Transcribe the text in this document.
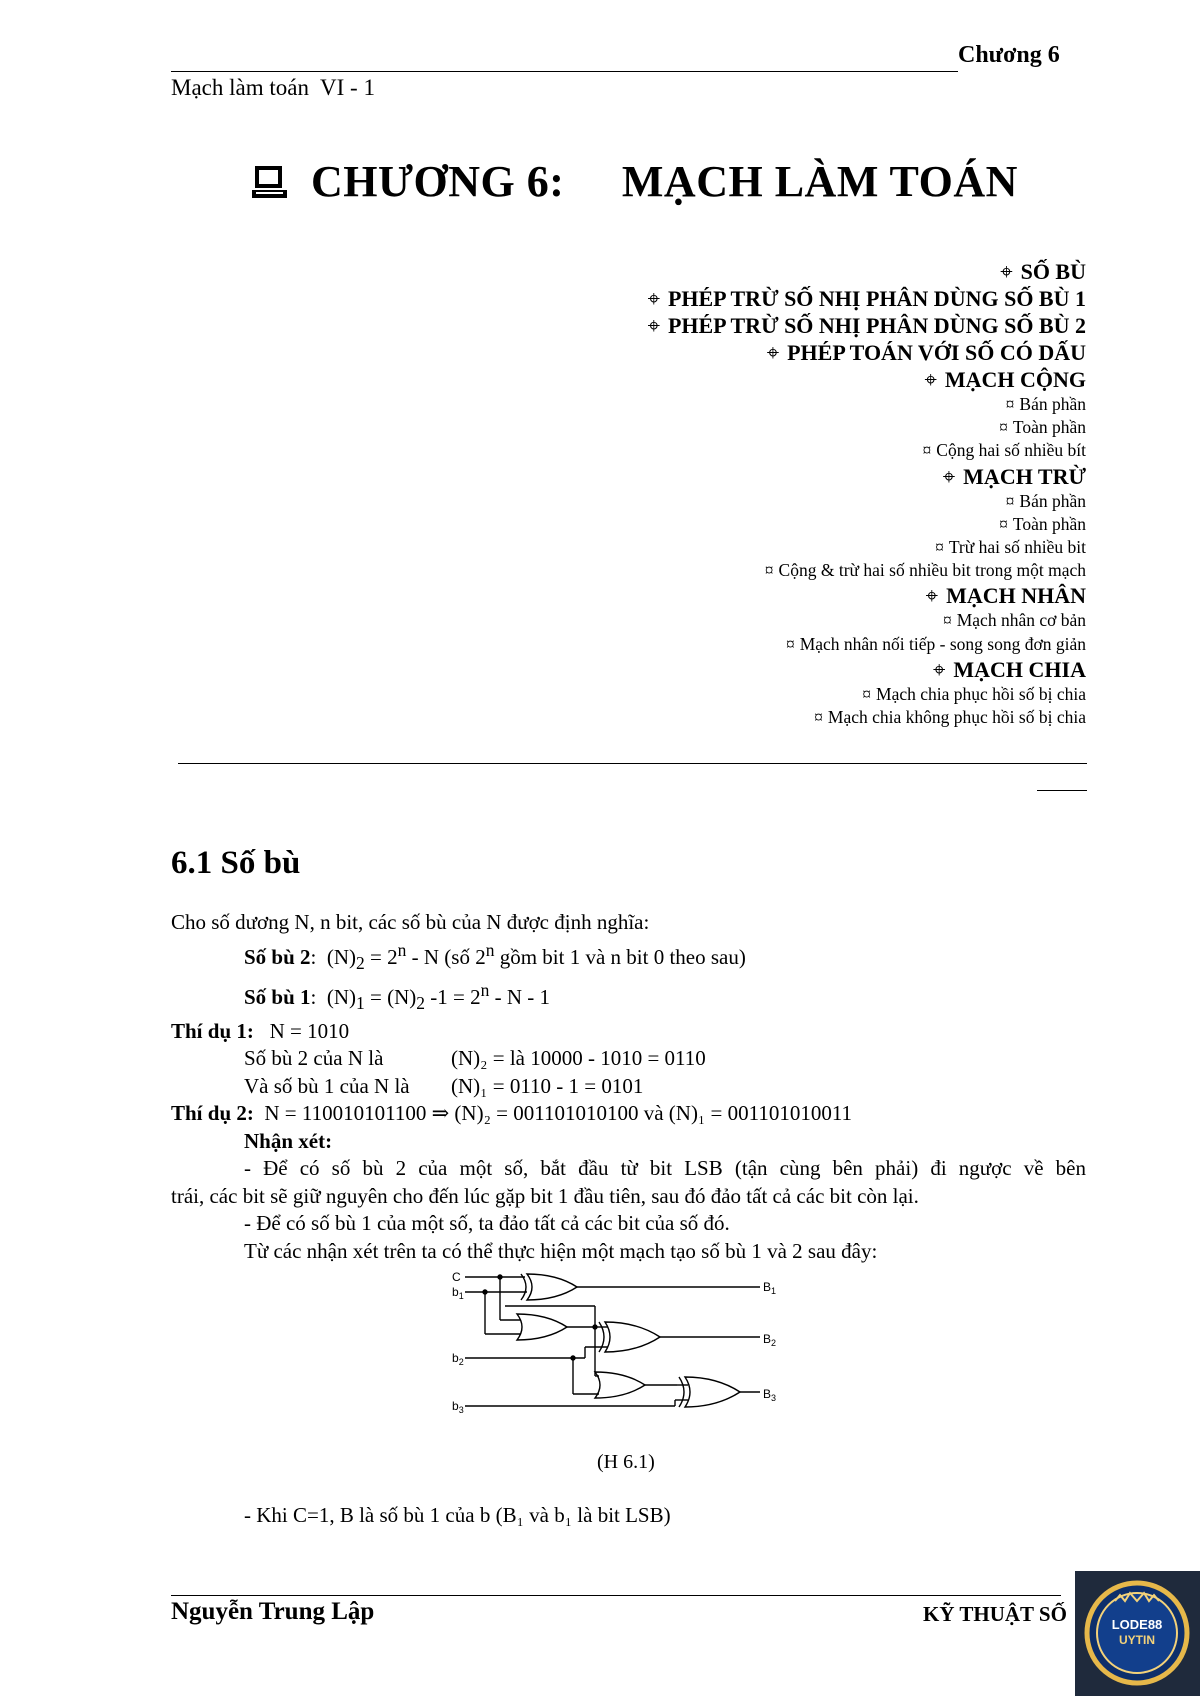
Chương 6
Mạch làm toán  VI - 1
CHƯƠNG 6:     MẠCH LÀM TOÁN
⌖ SỐ BÙ
⌖ PHÉP TRỪ SỐ NHỊ PHÂN DÙNG SỐ BÙ 1
⌖ PHÉP TRỪ SỐ NHỊ PHÂN DÙNG SỐ BÙ 2
⌖ PHÉP TOÁN VỚI SỐ CÓ DẤU
⌖ MẠCH CỘNG
¤ Bán phần
¤ Toàn phần
¤ Cộng hai số nhiều bít
⌖ MẠCH TRỪ
¤ Bán phần
¤ Toàn phần
¤ Trừ hai số nhiều bit
¤ Cộng & trừ hai số nhiều bit trong một mạch
⌖ MẠCH NHÂN
¤ Mạch nhân cơ bản
¤ Mạch nhân nối tiếp - song song đơn giản
⌖ MẠCH CHIA
¤ Mạch chia phục hồi số bị chia
¤ Mạch chia không phục hồi số bị chia
6.1 Số bù

Cho số dương N, n bit, các số bù của N được định nghĩa:

Số bù 2:  $(N)_2 = 2^n - N$ (số 2$^n$ gồm bit 1 và n bit 0 theo sau)

Số bù 1:  $(N)_1 = (N)_2$ $-1 = 2^n - N - 1$

Thí dụ 1: N = 1010

Số bù 2 của N là	(N)₂ = là 10000 - 1010 = 0110

Và số bù 1 của N là (N)₁ = 0110 - 1 = 0101

Thí dụ 2: N = 110010101100 ⇒ (N)₂ = 001101010100 và (N)₁ = 001101010011

Nhận xét:

- Để có số bù 2 của một số, bắt đầu từ bit LSB (tận cùng bên phải) đi ngược về bên

trái, các bit sẽ giữ nguyên cho đến lúc gặp bit 1 đầu tiên, sau đó đảo tất cả các bit còn lại.

- Để có số bù 1 của một số, ta đảo tất cả các bit của số đó.

Từ các nhận xét trên ta có thể thực hiện một mạch tạo số bù 1 và 2 sau đây:

C
$b_1$
$b_2$
$b_3$
$B_1$
$B_2$
$B_3$
(H 6.1)
- Khi C=1, B là số bù 1 của b (B₁ và b₁ là bit LSB)
Nguyễn Trung Lập	KỸ THUẬT SỐ	LODE88
UYTIN
